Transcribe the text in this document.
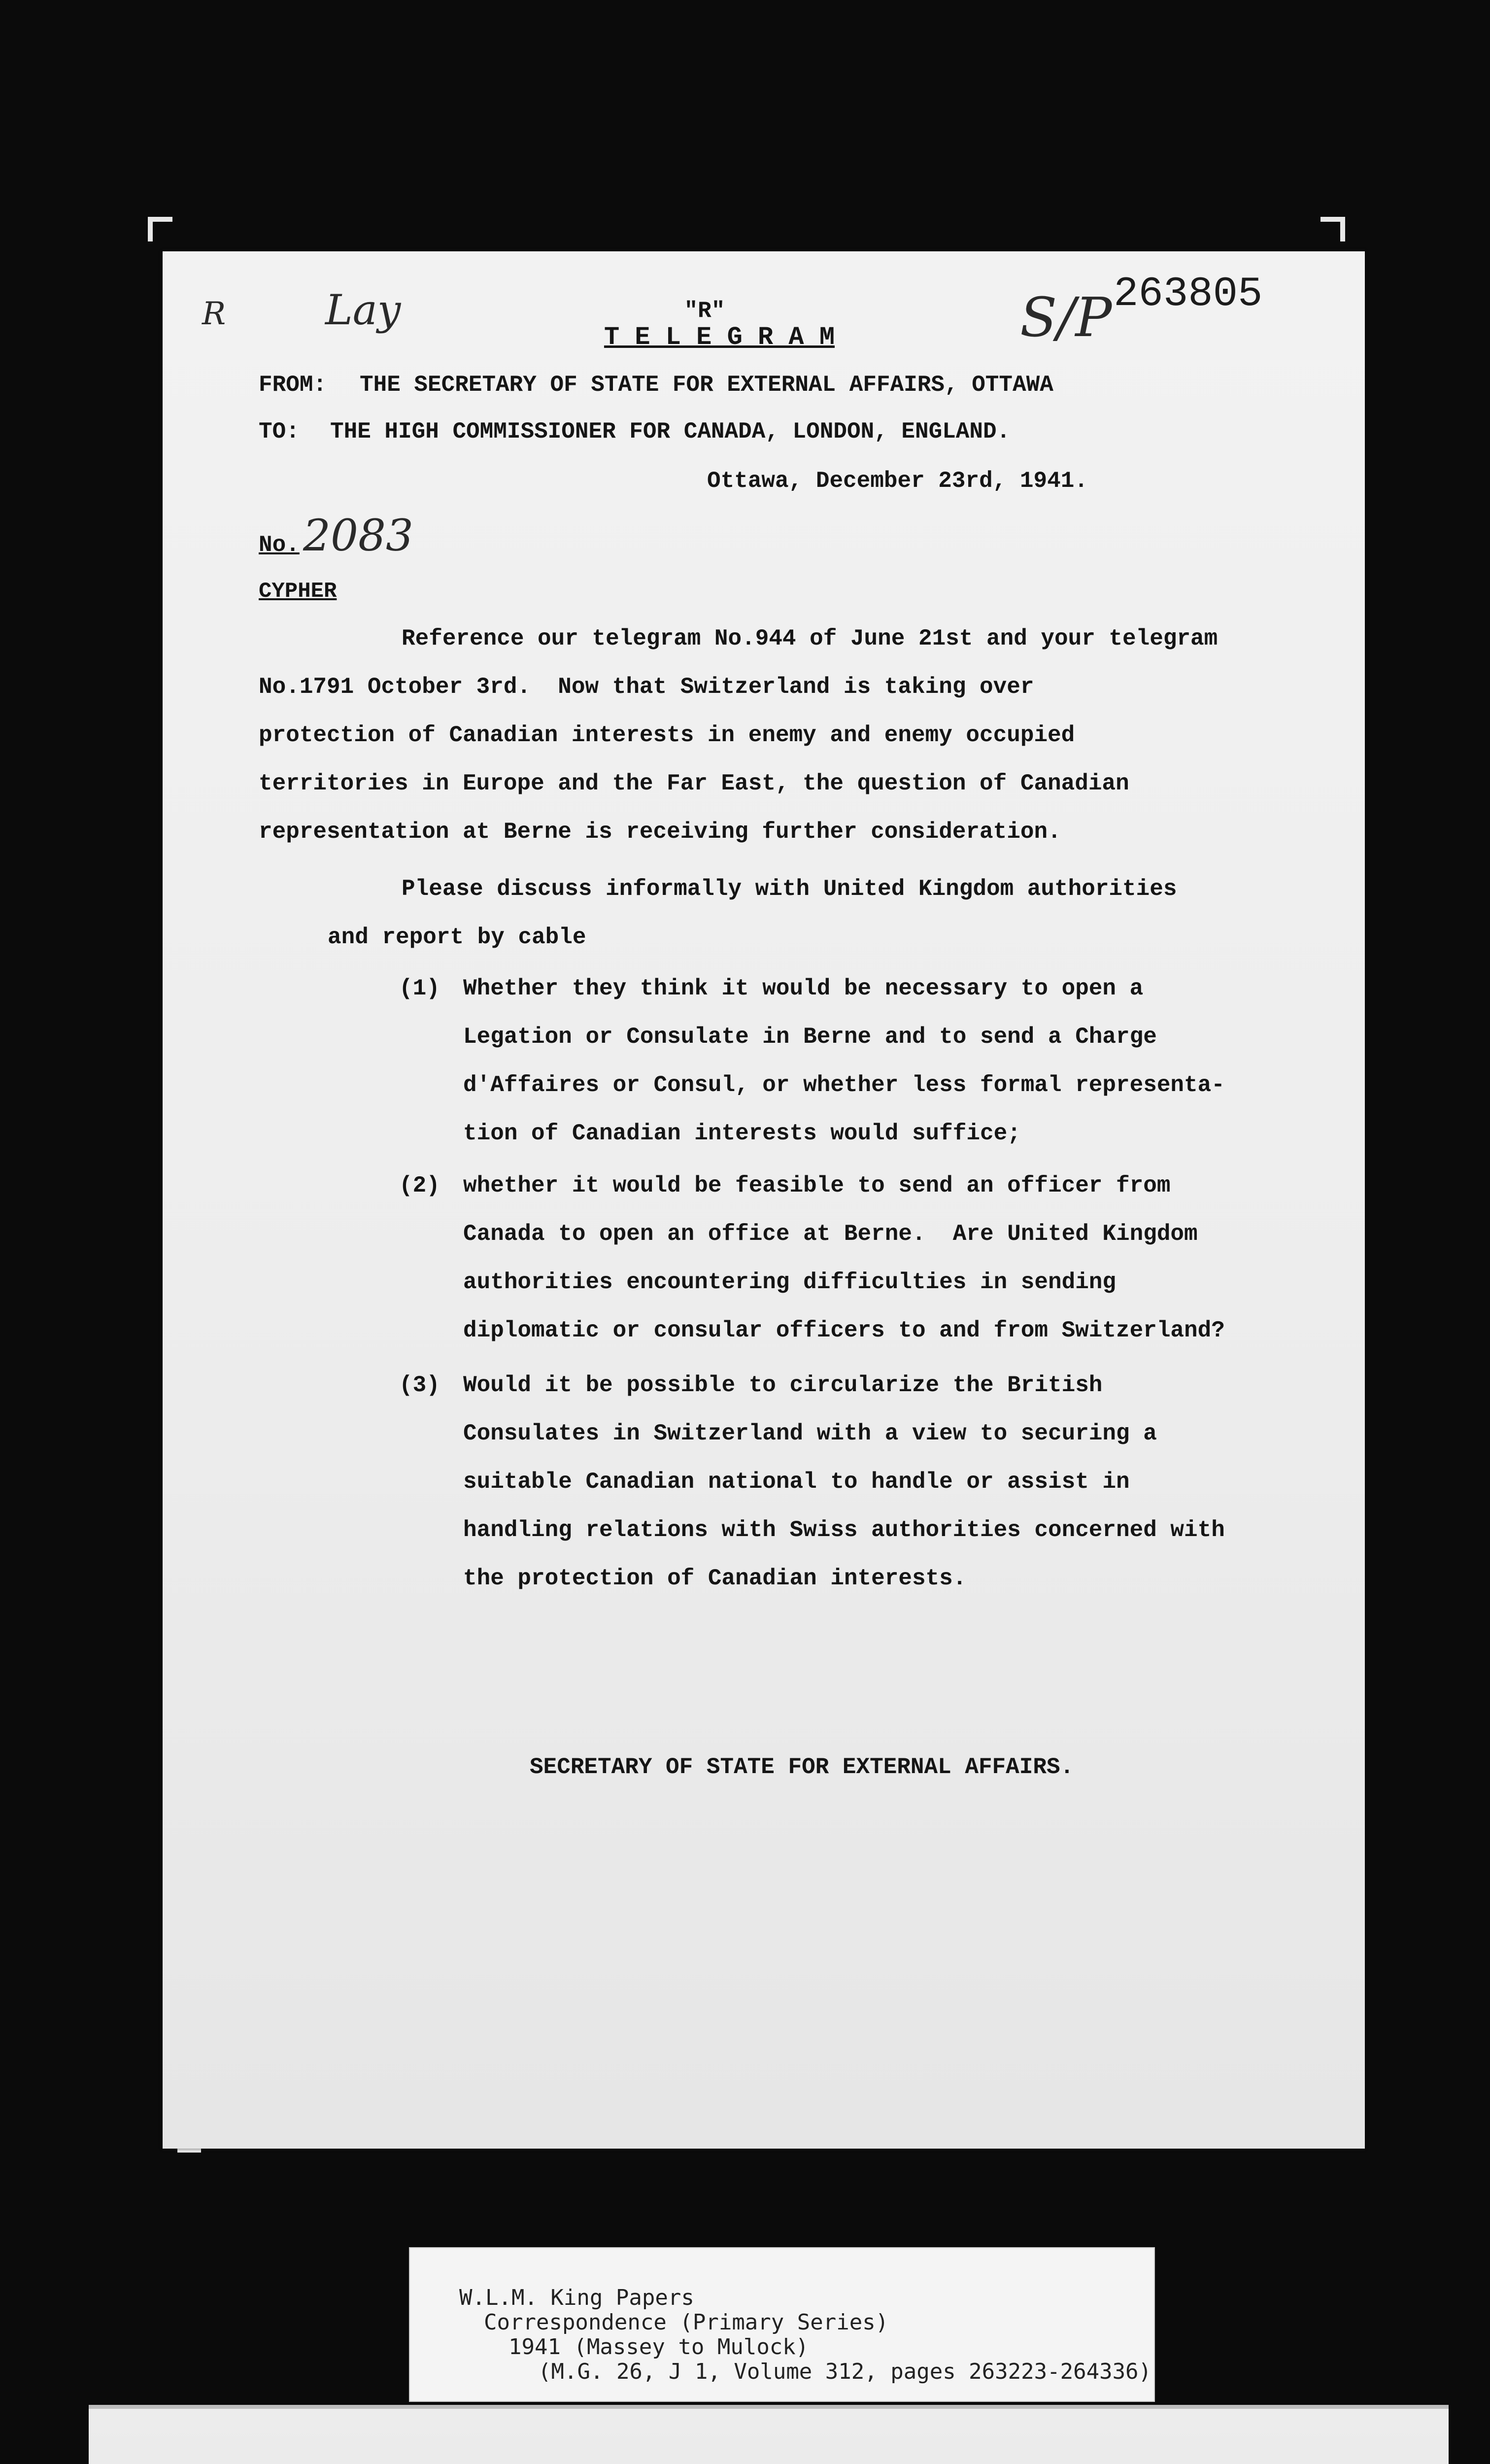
R Lay	S/P 263805
"R"
T E L E G R A M
FROM: THE SECRETARY OF STATE FOR EXTERNAL AFFAIRS, OTTAWA
TO: THE HIGH COMMISSIONER FOR CANADA, LONDON, ENGLAND.
Ottawa, December 23rd, 1941.
No. 2083
CYPHER
Reference our telegram No.944 of June 21st and your telegram
No.1791 October 3rd.  Now that Switzerland is taking over
protection of Canadian interests in enemy and enemy occupied
territories in Europe and the Far East, the question of Canadian
representation at Berne is receiving further consideration.
Please discuss informally with United Kingdom authorities
and report by cable
(1) Whether they think it would be necessary to open a
Legation or Consulate in Berne and to send a Charge
d'Affaires or Consul, or whether less formal representa-
tion of Canadian interests would suffice;
(2) whether it would be feasible to send an officer from
Canada to open an office at Berne.  Are United Kingdom
authorities encountering difficulties in sending
diplomatic or consular officers to and from Switzerland?
(3) Would it be possible to circularize the British
Consulates in Switzerland with a view to securing a
suitable Canadian national to handle or assist in
handling relations with Swiss authorities concerned with
the protection of Canadian interests.
SECRETARY OF STATE FOR EXTERNAL AFFAIRS.
W.L.M. King Papers
Correspondence (Primary Series)
1941 (Massey to Mulock)
(M.G. 26, J 1, Volume 312, pages 263223-264336)
